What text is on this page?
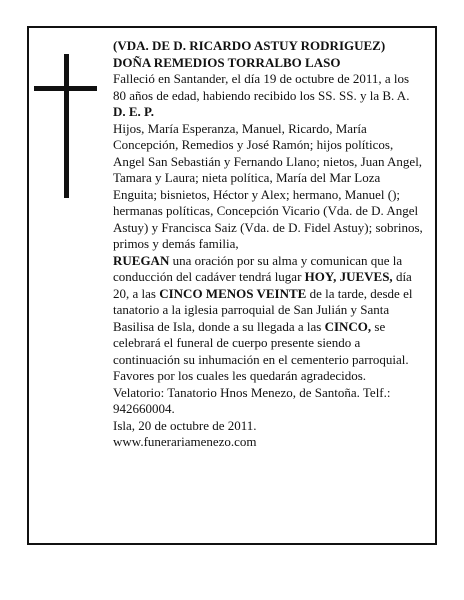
(VDA. DE D. RICARDO ASTUY RODRIGUEZ)

DOÑA REMEDIOS TORRALBO LASO

Falleció en Santander, el día 19 de octubre de 2011, a los 80 años de edad, habiendo recibido los SS. SS. y la B. A.

D. E. P.

Hijos, María Esperanza, Manuel, Ricardo, María Concepción, Remedios y José Ramón; hijos políticos, Angel San Sebastián y Fernando Llano; nietos, Juan Angel, Tamara y Laura; nieta política, María del Mar Loza Enguita; bisnietos, Héctor y Alex; hermano, Manuel (); hermanas políticas, Concepción Vicario (Vda. de D. Angel Astuy) y Francisca Saiz (Vda. de D. Fidel Astuy); sobrinos, primos y demás familia,

RUEGAN una oración por su alma y comunican que la conducción del cadáver tendrá lugar HOY, JUEVES, día 20, a las CINCO MENOS VEINTE de la tarde, desde el tanatorio a la iglesia parroquial de San Julián y Santa Basilisa de Isla, donde a su llegada a las CINCO, se celebrará el funeral de cuerpo presente siendo a continuación su inhumación en el cementerio parroquial. Favores por los cuales les quedarán agradecidos.

Velatorio: Tanatorio Hnos Menezo, de Santoña. Telf.: 942660004.

Isla, 20 de octubre de 2011.

www.funerariamenezo.com
